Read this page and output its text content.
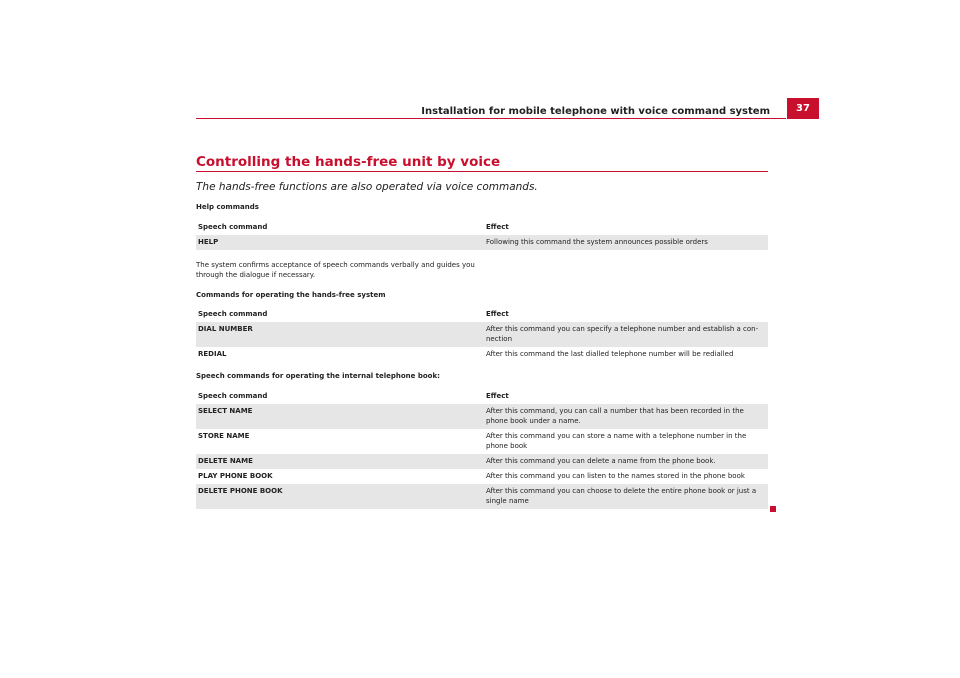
Installation for mobile telephone with voice command system	37
Controlling the hands-free unit by voice
The hands-free functions are also operated via voice commands.
Help commands
Speech command	Effect
HELP	Following this command the system announces possible orders
The system confirms acceptance of speech commands verbally and guides you through the dialogue if necessary.
Commands for operating the hands-free system
Speech command	Effect
DIAL NUMBER	After this command you can specify a telephone number and establish a con-nection
REDIAL	After this command the last dialled telephone number will be redialled
Speech commands for operating the internal telephone book:
Speech command	Effect
SELECT NAME	After this command, you can call a number that has been recorded in the phone book under a name.
STORE NAME	After this command you can store a name with a telephone number in the phone book
DELETE NAME	After this command you can delete a name from the phone book.
PLAY PHONE BOOK	After this command you can listen to the names stored in the phone book
DELETE PHONE BOOK	After this command you can choose to delete the entire phone book or just a single name
